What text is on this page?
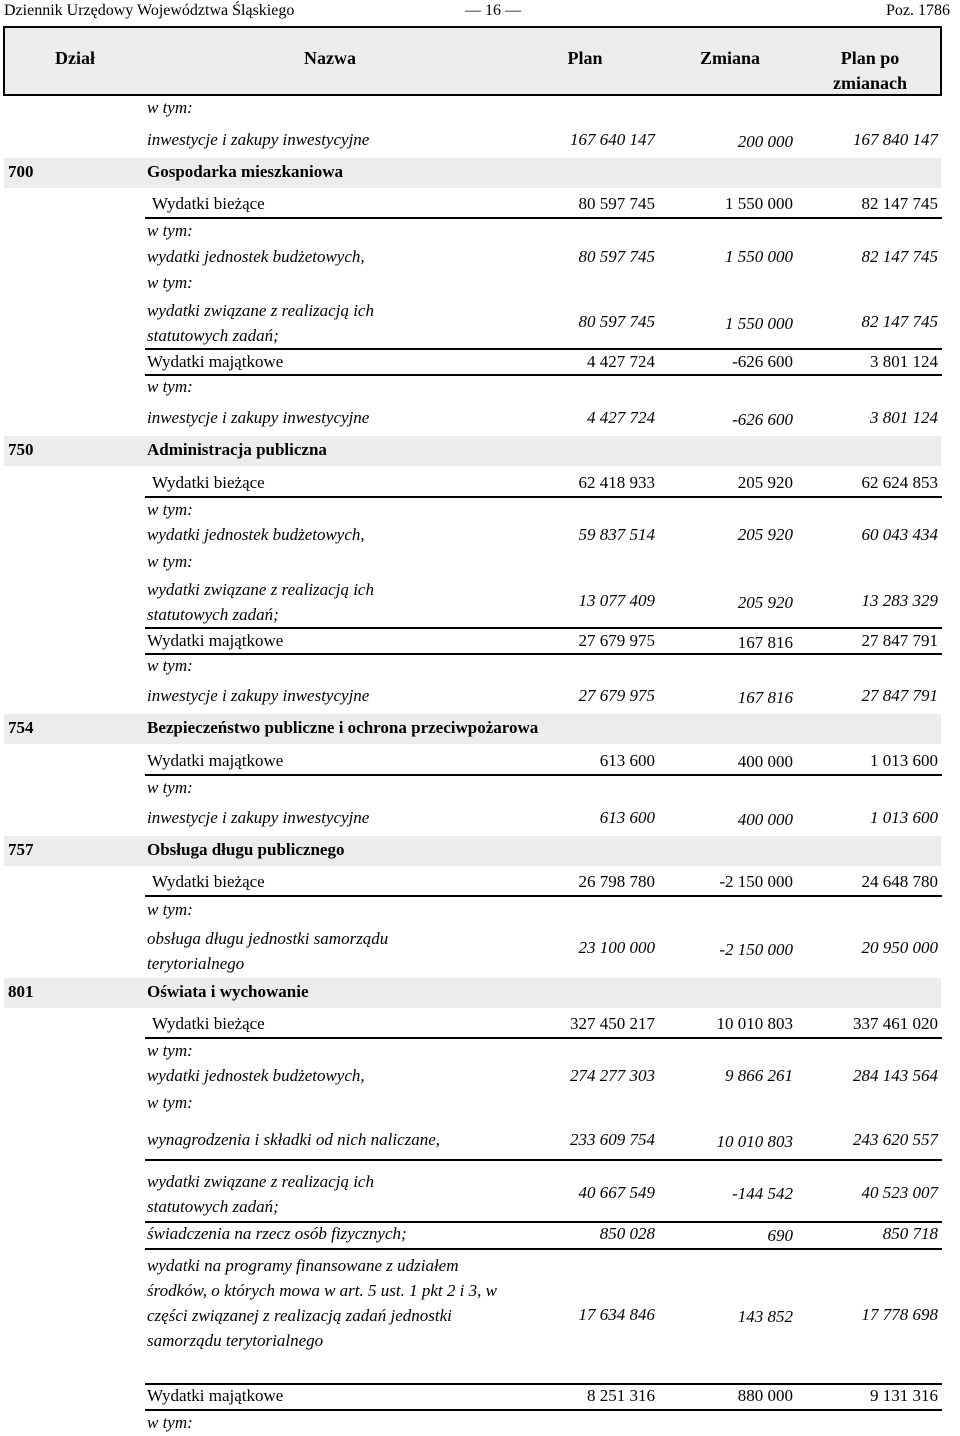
Dziennik Urzędowy Województwa Śląskiego	— 16 —	Poz. 1786
Dział	Nazwa	Plan	Zmiana	Plan po
zmianach
w tym:
inwestycje i zakupy inwestycyjne	167 640 147	200 000	167 840 147
700	Gospodarka mieszkaniowa
Wydatki bieżące	80 597 745	1 550 000	82 147 745
w tym:
wydatki jednostek budżetowych,	80 597 745	1 550 000	82 147 745
w tym:
wydatki związane z realizacją ich statutowych zadań;
80 597 745	1 550 000	82 147 745
Wydatki majątkowe	4 427 724	-626 600	3 801 124
w tym:
inwestycje i zakupy inwestycyjne	4 427 724	-626 600	3 801 124
750	Administracja publiczna
Wydatki bieżące	62 418 933	205 920	62 624 853
w tym:
wydatki jednostek budżetowych,	59 837 514	205 920	60 043 434
w tym:
wydatki związane z realizacją ich statutowych zadań;
13 077 409	205 920	13 283 329
Wydatki majątkowe	27 679 975	167 816	27 847 791
w tym:
inwestycje i zakupy inwestycyjne	27 679 975	167 816	27 847 791
754	Bezpieczeństwo publiczne i ochrona przeciwpożarowa
Wydatki majątkowe	613 600	400 000	1 013 600
w tym:
inwestycje i zakupy inwestycyjne	613 600	400 000	1 013 600
757	Obsługa długu publicznego
Wydatki bieżące	26 798 780	-2 150 000	24 648 780
w tym:
obsługa długu jednostki samorządu terytorialnego
23 100 000	-2 150 000	20 950 000
801	Oświata i wychowanie
Wydatki bieżące	327 450 217	10 010 803	337 461 020
w tym:
wydatki jednostek budżetowych,	274 277 303	9 866 261	284 143 564
w tym:
wynagrodzenia i składki od nich naliczane,	233 609 754	10 010 803	243 620 557
wydatki związane z realizacją ich statutowych zadań;
40 667 549	-144 542	40 523 007
świadczenia na rzecz osób fizycznych;	850 028	690	850 718
wydatki na programy finansowane z udziałem środków, o których mowa w art. 5 ust. 1 pkt 2 i 3, w części związanej z realizacją zadań jednostki samorządu terytorialnego
17 634 846	143 852	17 778 698
Wydatki majątkowe	8 251 316	880 000	9 131 316
w tym:
